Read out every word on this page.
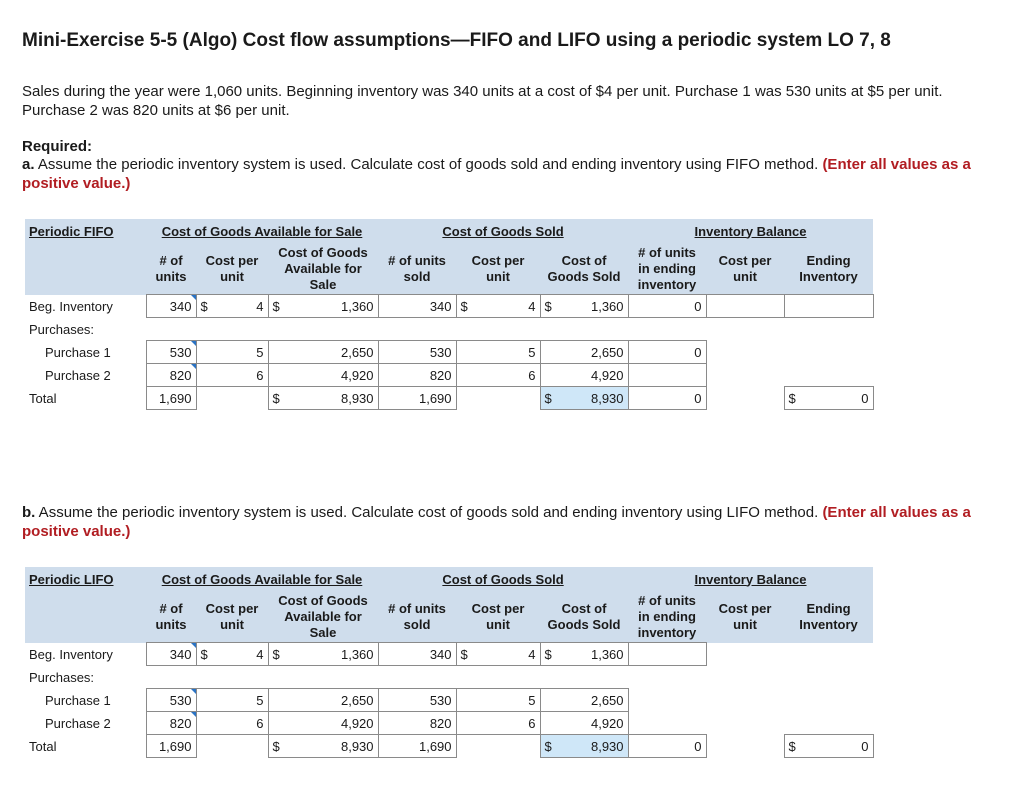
Mini-Exercise 5-5 (Algo) Cost flow assumptions—FIFO and LIFO using a periodic system LO 7, 8

Sales during the year were 1,060 units. Beginning inventory was 340 units at a cost of $4 per unit. Purchase 1 was 530 units at $5 per unit. Purchase 2 was 820 units at $6 per unit.

Required:

a. Assume the periodic inventory system is used. Calculate cost of goods sold and ending inventory using FIFO method. (Enter all values as a positive value.)

Periodic FIFO	Cost of Goods Available for Sale			Cost of Goods Sold			Inventory Balance		
	# of units	Cost per unit	Cost of Goods Available for Sale	# of units sold	Cost per unit	Cost of Goods Sold	# of units in ending inventory	Cost per unit	Ending Inventory
Beg. Inventory	340	$ 4	$ 1,360	340	$ 4	$ 1,360	0		
Purchases:									
Purchase 1	530	5	2,650	530	5	2,650	0		
Purchase 2	820	6	4,920	820	6	4,920			
Total	1,690		$ 8,930	1,690		$ 8,930	0		$ 0

b. Assume the periodic inventory system is used. Calculate cost of goods sold and ending inventory using LIFO method. (Enter all values as a positive value.)

Periodic LIFO	Cost of Goods Available for Sale			Cost of Goods Sold			Inventory Balance		
	# of units	Cost per unit	Cost of Goods Available for Sale	# of units sold	Cost per unit	Cost of Goods Sold	# of units in ending inventory	Cost per unit	Ending Inventory
Beg. Inventory	340	$ 4	$ 1,360	340	$ 4	$ 1,360			

Purchases:									
Purchase 1	530	5	2,650	530	5	2,650			
Purchase 2	820	6	4,920	820	6	4,920			
Total	1,690		$ 8,930	1,690		$ 8,930	0		$ 0
